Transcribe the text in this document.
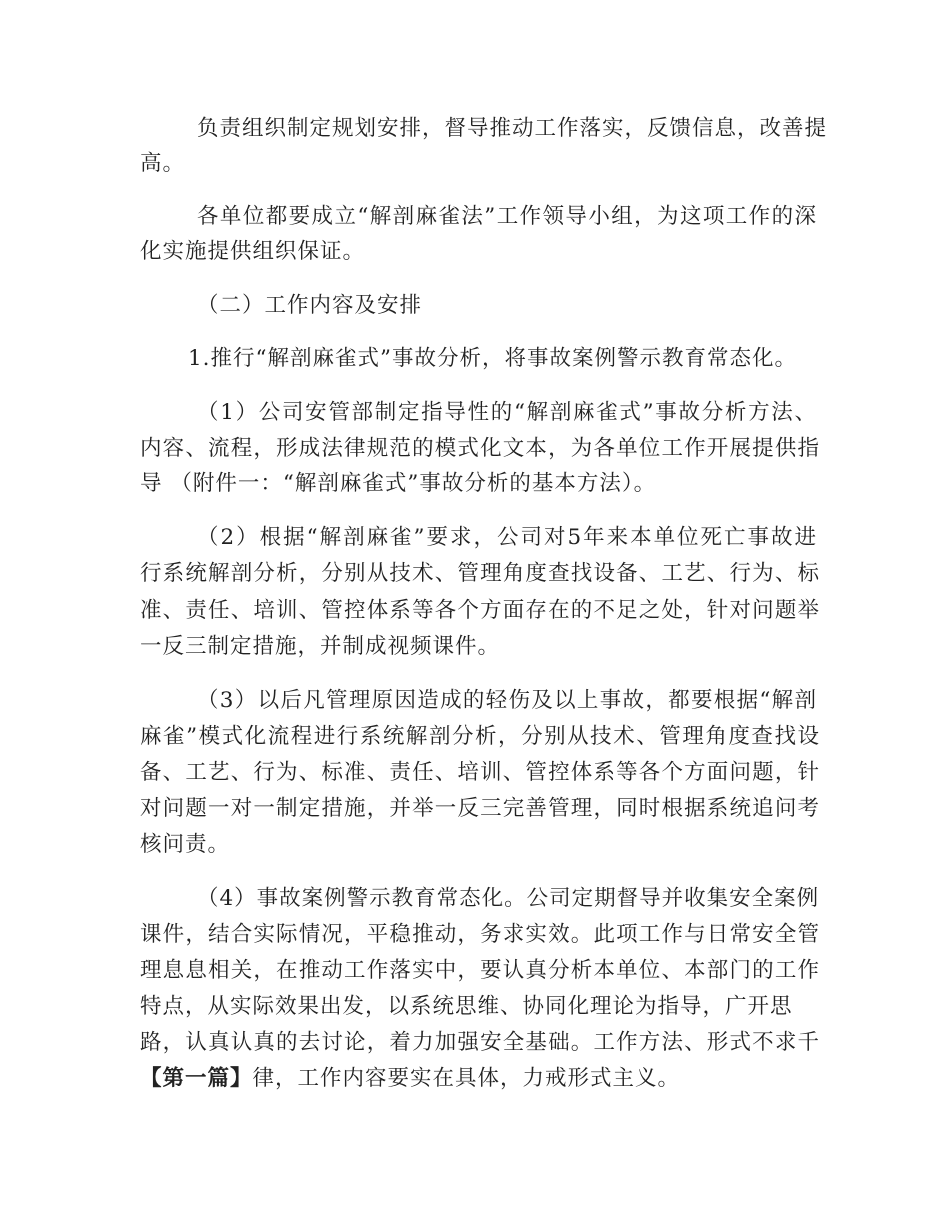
负责组织制定规划安排，督导推动工作落实，反馈信息，改善提
高。
各单位都要成立“解剖麻雀法”工作领导小组，为这项工作的深
化实施提供组织保证。
（二）工作内容及安排
1.推行“解剖麻雀式”事故分析，将事故案例警示教育常态化。
（1）公司安管部制定指导性的“解剖麻雀式”事故分析方法、
内容、流程，形成法律规范的模式化文本，为各单位工作开展提供指
导 （附件一：“解剖麻雀式”事故分析的基本方法）。
（2）根据“解剖麻雀”要求，公司对5年来本单位死亡事故进
行系统解剖分析，分别从技术、管理角度查找设备、工艺、行为、标
准、责任、培训、管控体系等各个方面存在的不足之处，针对问题举
一反三制定措施，并制成视频课件。
（3）以后凡管理原因造成的轻伤及以上事故，都要根据“解剖
麻雀”模式化流程进行系统解剖分析，分别从技术、管理角度查找设
备、工艺、行为、标准、责任、培训、管控体系等各个方面问题，针
对问题一对一制定措施，并举一反三完善管理，同时根据系统追问考
核问责。
（4）事故案例警示教育常态化。公司定期督导并收集安全案例
课件，结合实际情况，平稳推动，务求实效。此项工作与日常安全管
理息息相关，在推动工作落实中，要认真分析本单位、本部门的工作
特点，从实际效果出发，以系统思维、协同化理论为指导，广开思
路，认真认真的去讨论，着力加强安全基础。工作方法、形式不求千
【第一篇】律，工作内容要实在具体，力戒形式主义。
